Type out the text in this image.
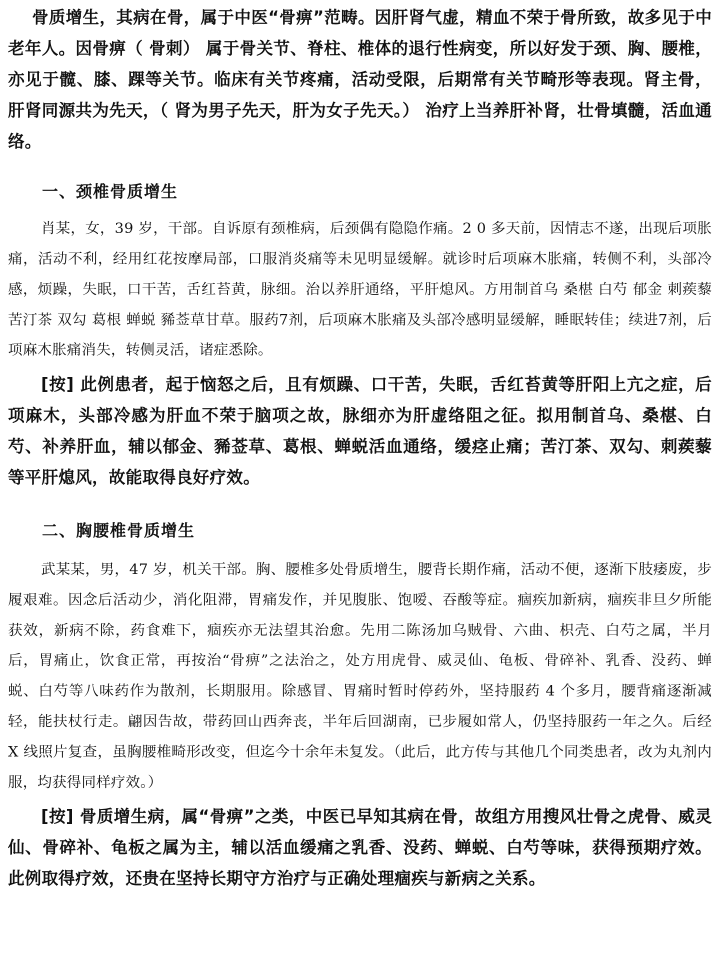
骨质增生，其病在骨，属于中医“骨痹”范畴。因肝肾气虚，精血不荣于骨所致，故多见于中老年人。因骨痹（ 骨刺） 属于骨关节、脊柱、椎体的退行性病变，所以好发于颈、胸、腰椎，亦见于髋、膝、踝等关节。临床有关节疼痛，活动受限，后期常有关节畸形等表现。肾主骨，肝肾同源共为先天，（ 肾为男子先天，肝为女子先天。） 治疗上当养肝补肾，壮骨填髓，活血通络。

一、颈椎骨质增生

肖某，女，39 岁，干部。自诉原有颈椎病，后颈偶有隐隐作痛。2 0 多天前，因情志不遂，出现后项胀痛，活动不利，经用红花按摩局部，口服消炎痛等未见明显缓解。就诊时后项麻木胀痛，转侧不利，头部冷感，烦躁，失眠，口干苦，舌红苔黄，脉细。治以养肝通络，平肝熄风。方用制首乌 桑椹 白芍 郁金 刺蒺藜 苦汀茶 双勾 葛根 蝉蜕 豨莶草甘草。服药7剂，后项麻木胀痛及头部冷感明显缓解，睡眠转佳；续进7剂，后项麻木胀痛消失，转侧灵活，诸症悉除。

[按] 此例患者，起于恼怒之后，且有烦躁、口干苦，失眠，舌红苔黄等肝阳上亢之症，后项麻木，头部冷感为肝血不荣于脑项之故，脉细亦为肝虚络阻之征。拟用制首乌、桑椹、白芍、补养肝血，辅以郁金、豨莶草、葛根、蝉蜕活血通络，缓痉止痛；苦汀茶、双勾、刺蒺藜等平肝熄风，故能取得良好疗效。

二、胸腰椎骨质增生

武某某，男，47 岁，机关干部。胸、腰椎多处骨质增生，腰背长期作痛，活动不便，逐渐下肢痿废，步履艰难。因念后活动少，消化阻滞，胃痛发作，并见腹胀、饱嗳、吞酸等症。痼疾加新病，痼疾非旦夕所能获效，新病不除，药食难下，痼疾亦无法望其治愈。先用二陈汤加乌贼骨、六曲、枳壳、白芍之属，半月后，胃痛止，饮食正常，再按治“骨痹”之法治之，处方用虎骨、威灵仙、龟板、骨碎补、乳香、没药、蝉蜕、白芍等八味药作为散剂，长期服用。除感冒、胃痛时暂时停药外，坚持服药 4 个多月，腰背痛逐渐减轻，能扶杖行走。翩因告故，带药回山西奔丧，半年后回湖南，已步履如常人，仍坚持服药一年之久。后经 X 线照片复查，虽胸腰椎畸形改变，但迄今十余年未复发。（此后，此方传与其他几个同类患者，改为丸剂内服，均获得同样疗效。）

[按] 骨质增生病，属“骨痹”之类，中医已早知其病在骨，故组方用搜风壮骨之虎骨、威灵仙、骨碎补、龟板之属为主，辅以活血缓痛之乳香、没药、蝉蜕、白芍等味，获得预期疗效。此例取得疗效，还贵在坚持长期守方治疗与正确处理痼疾与新病之关系。
